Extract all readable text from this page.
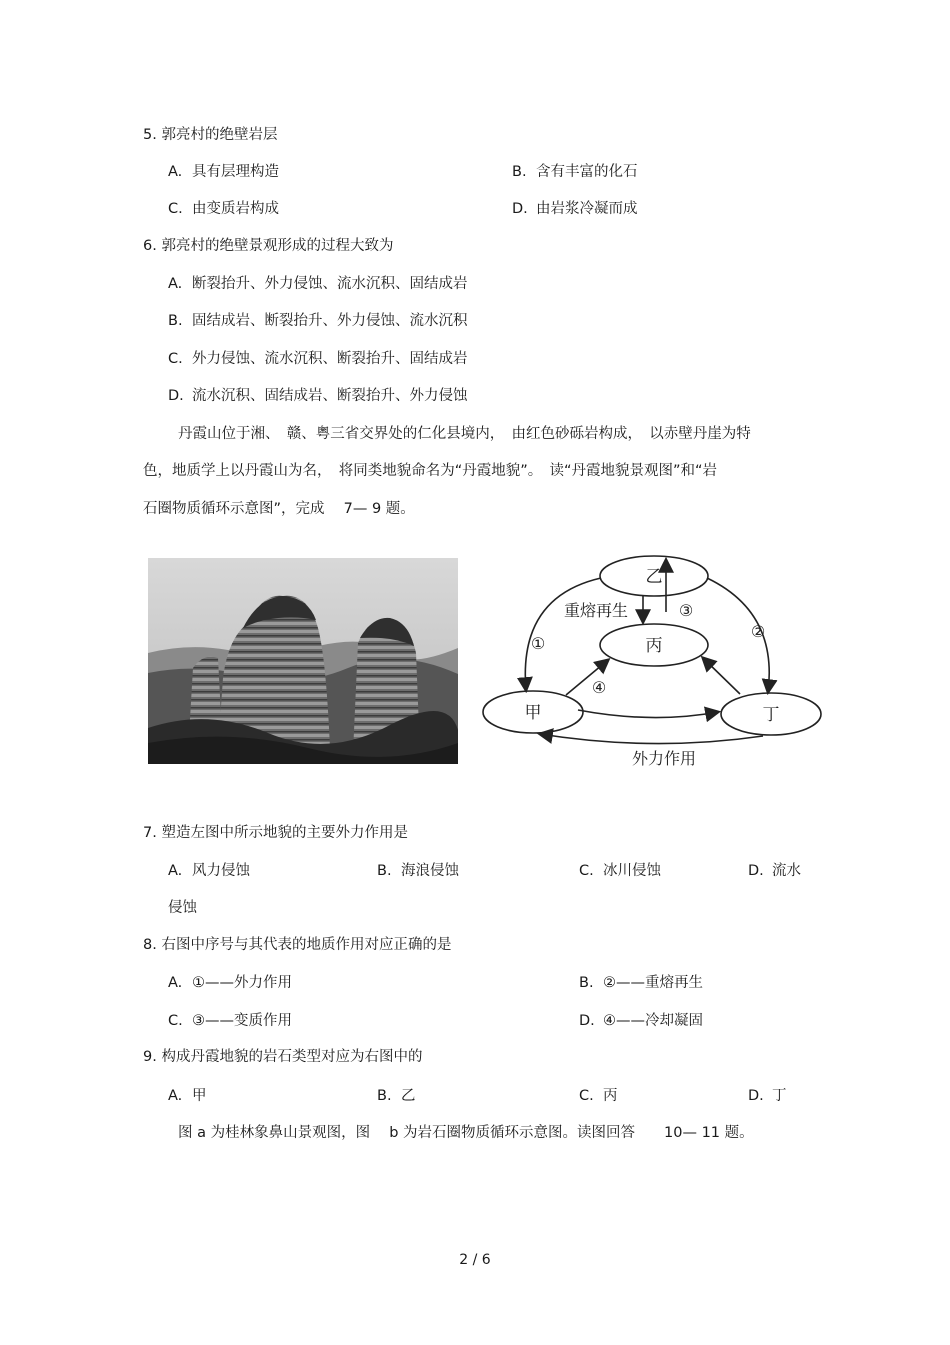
5. 郭亮村的绝壁岩层
A. 具有层理构造	B. 含有丰富的化石
C. 由变质岩构成	D. 由岩浆冷凝而成
6. 郭亮村的绝壁景观形成的过程大致为
A. 断裂抬升、外力侵蚀、流水沉积、固结成岩
B. 固结成岩、断裂抬升、外力侵蚀、流水沉积
C. 外力侵蚀、流水沉积、断裂抬升、固结成岩
D. 流水沉积、固结成岩、断裂抬升、外力侵蚀
丹霞山位于湘、　赣、粤三省交界处的仁化县境内，　由红色砂砾岩构成，　以赤壁丹崖为特
色，地质学上以丹霞山为名，　将同类地貌命名为“丹霞地貌”。　读“丹霞地貌景观图”和“岩
石圈物质循环示意图”，完成　 7— 9 题。
乙
丙
甲	丁
重熔再生
外力作用
①
②
③
④
7. 塑造左图中所示地貌的主要外力作用是
A. 风力侵蚀	B. 海浪侵蚀	C. 冰川侵蚀	D. 流水
侵蚀
8. 右图中序号与其代表的地质作用对应正确的是
A. ①——外力作用	B. ②——重熔再生
C. ③——变质作用	D. ④——冷却凝固
9. 构成丹霞地貌的岩石类型对应为右图中的
A. 甲	B. 乙	C. 丙	D. 丁
图 a 为桂林象鼻山景观图，图　 b 为岩石圈物质循环示意图。读图回答　　10— 11 题。
2 / 6
